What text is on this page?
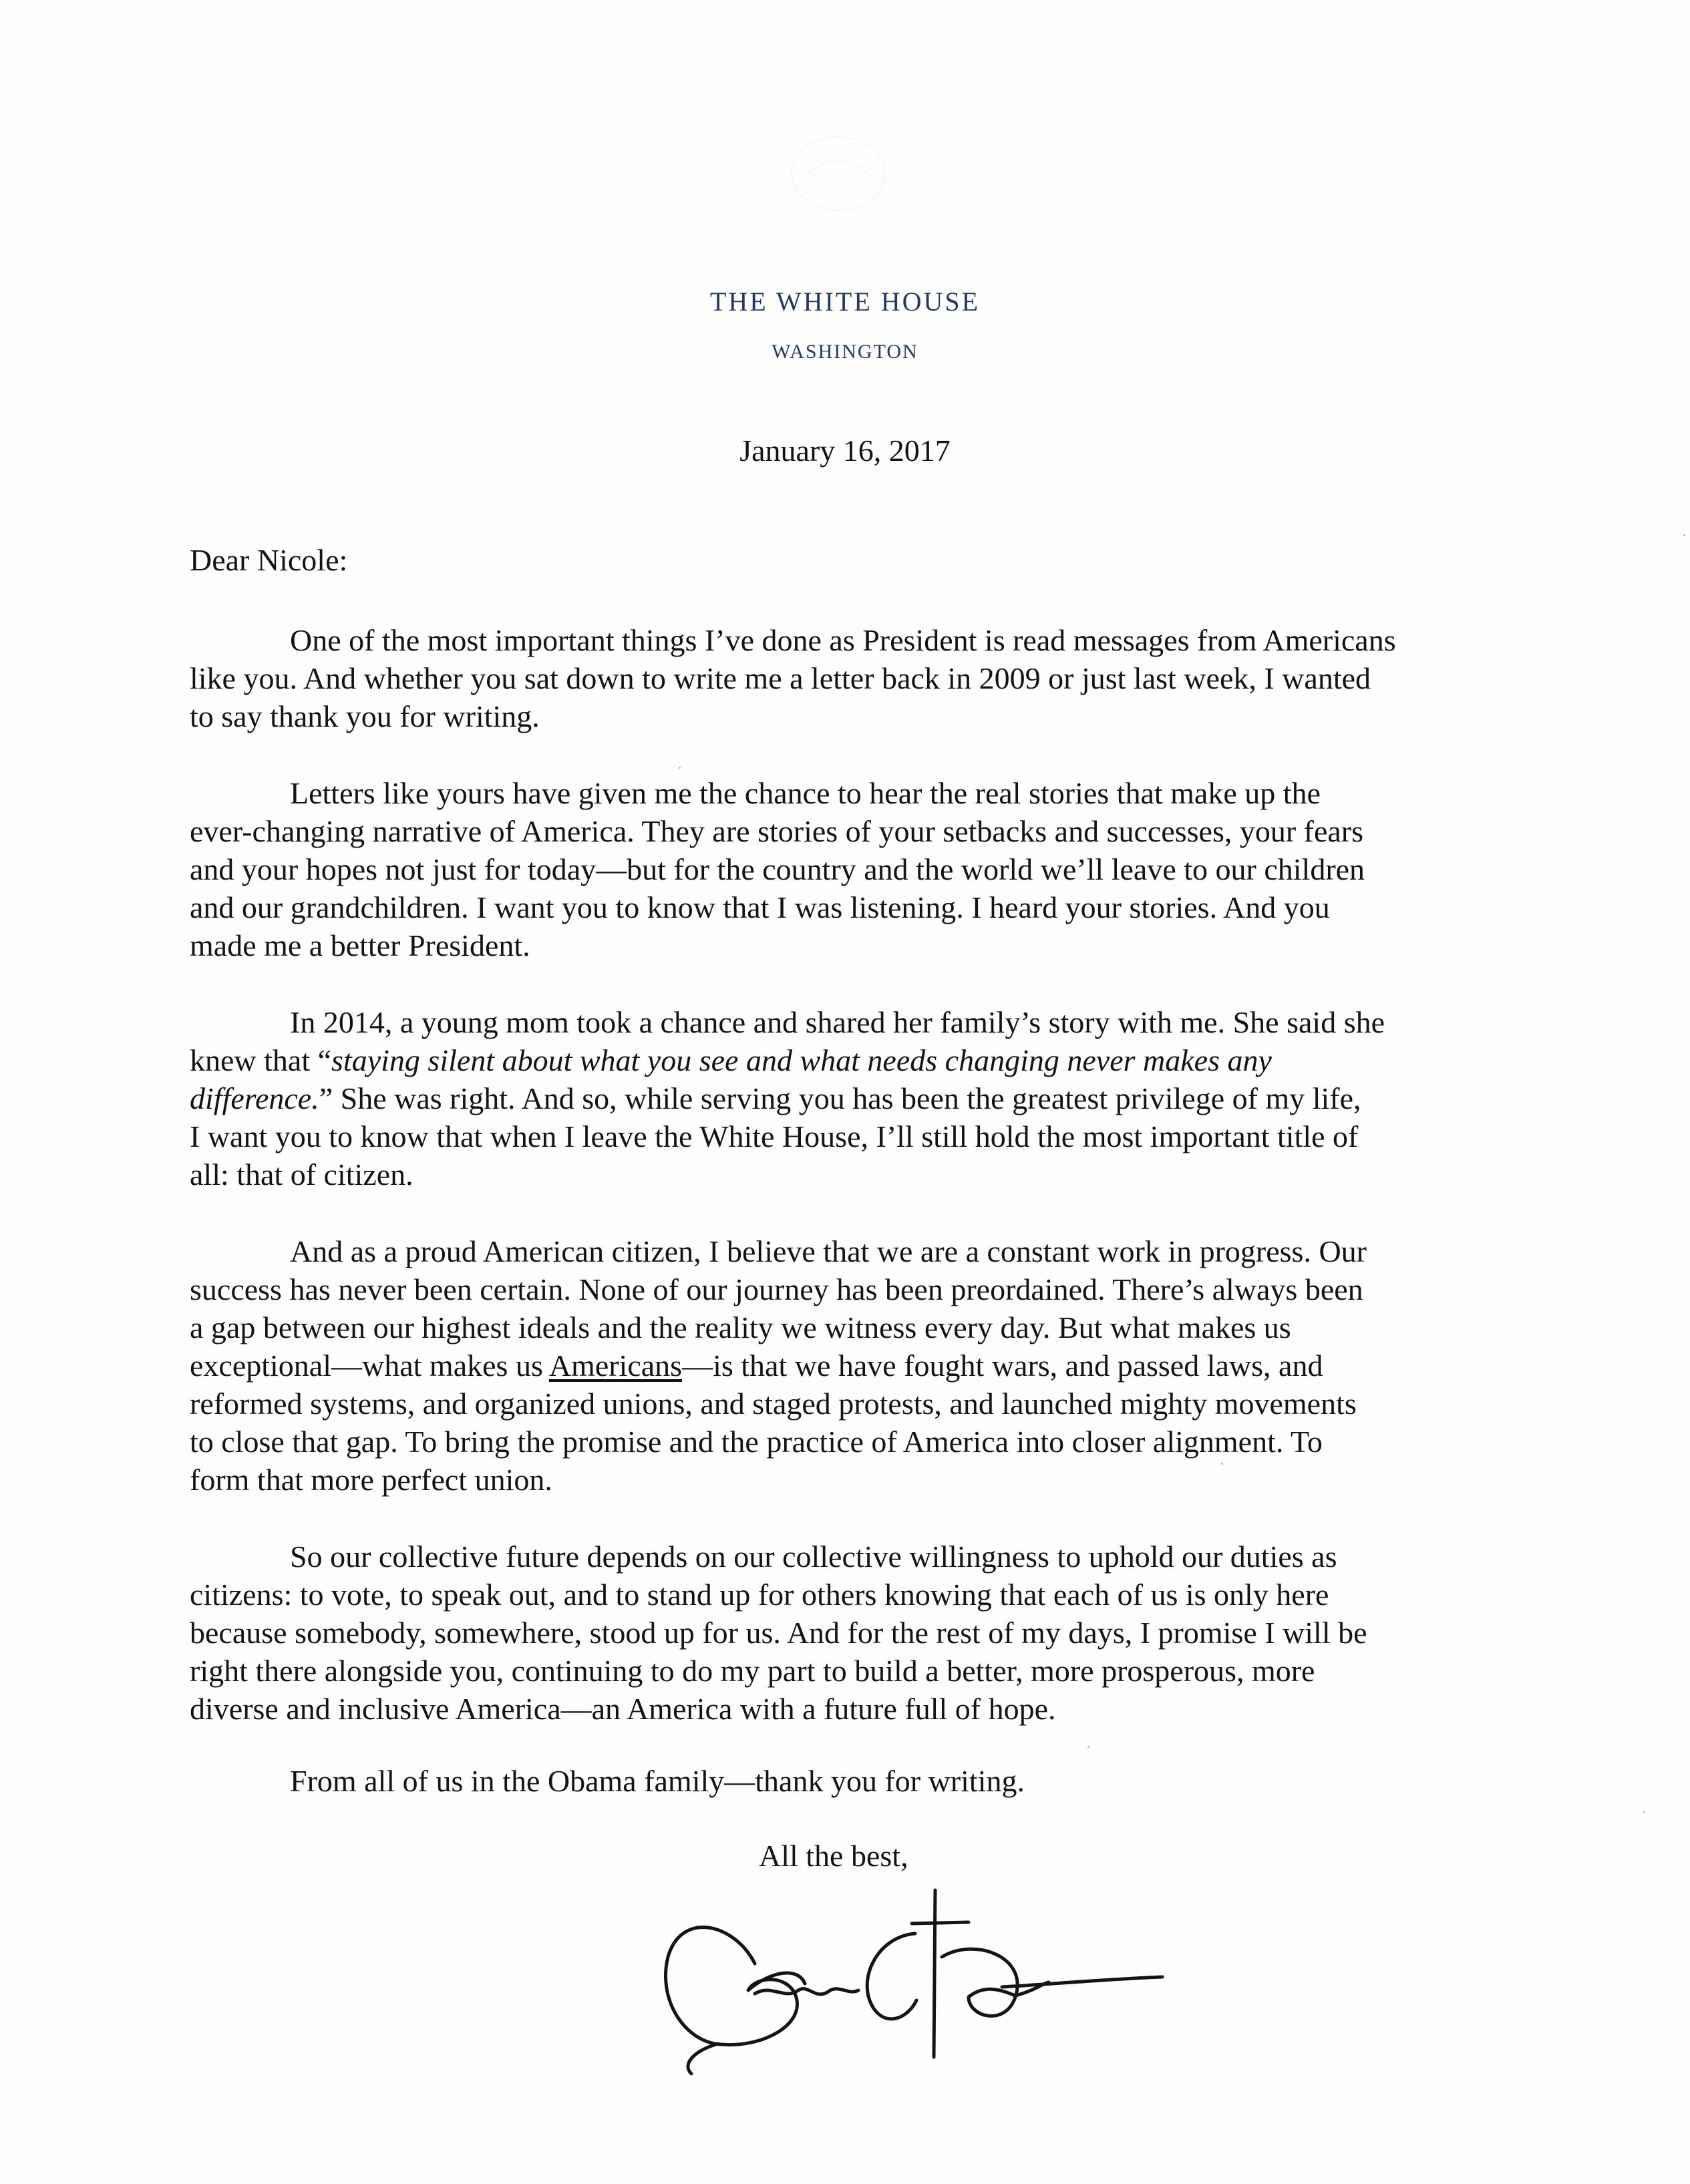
THE WHITE HOUSE
WASHINGTON
January 16, 2017
Dear Nicole:

One of the most important things I’ve done as President is read messages from Americans
like you. And whether you sat down to write me a letter back in 2009 or just last week, I wanted
to say thank you for writing.

Letters like yours have given me the chance to hear the real stories that make up the
ever-changing narrative of America. They are stories of your setbacks and successes, your fears
and your hopes not just for today—but for the country and the world we’ll leave to our children
and our grandchildren. I want you to know that I was listening. I heard your stories. And you
made me a better President.

In 2014, a young mom took a chance and shared her family’s story with me. She said she
knew that “staying silent about what you see and what needs changing never makes any
difference.” She was right. And so, while serving you has been the greatest privilege of my life,
I want you to know that when I leave the White House, I’ll still hold the most important title of
all: that of citizen.

And as a proud American citizen, I believe that we are a constant work in progress. Our
success has never been certain. None of our journey has been preordained. There’s always been
a gap between our highest ideals and the reality we witness every day. But what makes us
exceptional—what makes us Americans—is that we have fought wars, and passed laws, and
reformed systems, and organized unions, and staged protests, and launched mighty movements
to close that gap. To bring the promise and the practice of America into closer alignment. To
form that more perfect union.

So our collective future depends on our collective willingness to uphold our duties as
citizens: to vote, to speak out, and to stand up for others knowing that each of us is only here
because somebody, somewhere, stood up for us. And for the rest of my days, I promise I will be
right there alongside you, continuing to do my part to build a better, more prosperous, more
diverse and inclusive America—an America with a future full of hope.

From all of us in the Obama family—thank you for writing.
All the best,
